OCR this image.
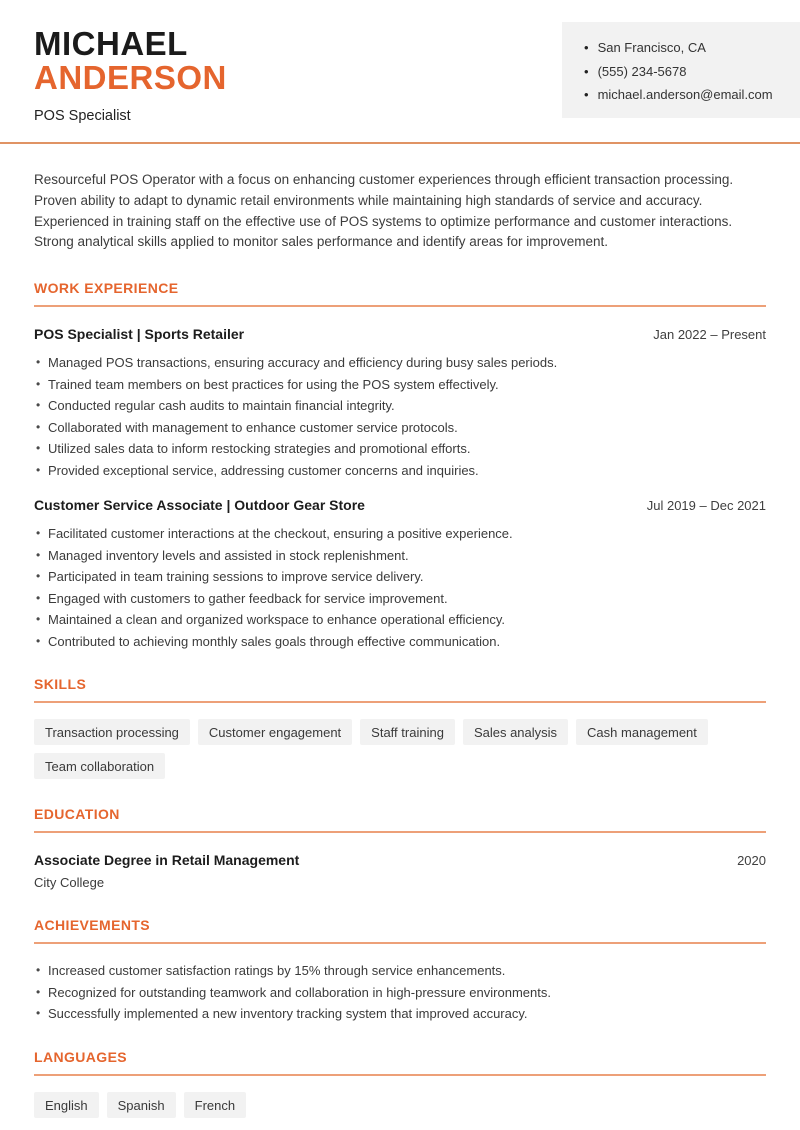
MICHAEL
ANDERSON
POS Specialist
• San Francisco, CA
• (555) 234-5678
• michael.anderson@email.com

Resourceful POS Operator with a focus on enhancing customer experiences through efficient transaction processing. Proven ability to adapt to dynamic retail environments while maintaining high standards of service and accuracy. Experienced in training staff on the effective use of POS systems to optimize performance and customer interactions. Strong analytical skills applied to monitor sales performance and identify areas for improvement.

WORK EXPERIENCE
POS Specialist | Sports Retailer	Jan 2022 – Present
• Managed POS transactions, ensuring accuracy and efficiency during busy sales periods.
• Trained team members on best practices for using the POS system effectively.
• Conducted regular cash audits to maintain financial integrity.
• Collaborated with management to enhance customer service protocols.
• Utilized sales data to inform restocking strategies and promotional efforts.
• Provided exceptional service, addressing customer concerns and inquiries.
Customer Service Associate | Outdoor Gear Store	Jul 2019 – Dec 2021
• Facilitated customer interactions at the checkout, ensuring a positive experience.
• Managed inventory levels and assisted in stock replenishment.
• Participated in team training sessions to improve service delivery.
• Engaged with customers to gather feedback for service improvement.
• Maintained a clean and organized workspace to enhance operational efficiency.
• Contributed to achieving monthly sales goals through effective communication.
SKILLS
Transaction processing	Customer engagement	Staff training	Sales analysis	Cash management
Team collaboration
EDUCATION
Associate Degree in Retail Management	2020
City College
ACHIEVEMENTS
• Increased customer satisfaction ratings by 15% through service enhancements.
• Recognized for outstanding teamwork and collaboration in high-pressure environments.
• Successfully implemented a new inventory tracking system that improved accuracy.
LANGUAGES
English	Spanish	French
